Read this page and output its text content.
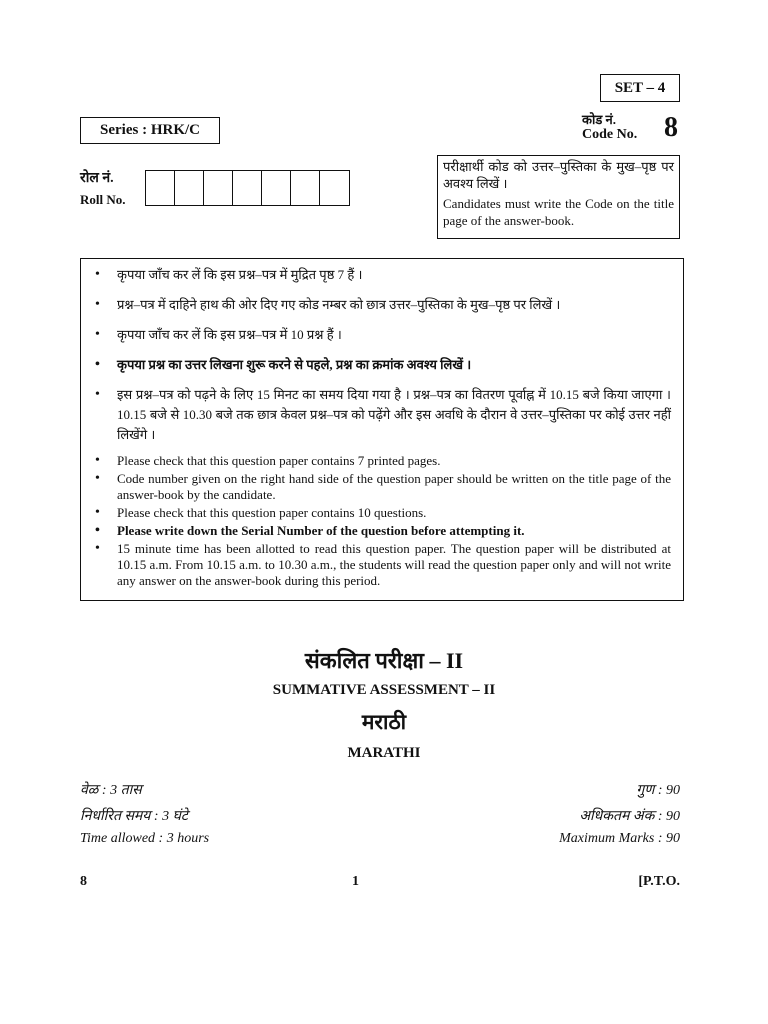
SET – 4
कोड नं.
Code No. 8
Series : HRK/C
रोल नं.
Roll No.

परीक्षार्थी कोड को उत्तर–पुस्तिका के मुख–पृष्ठ पर अवश्य लिखें ।

Candidates must write the Code on the title page of the answer-book.

• कृपया जाँच कर लें कि इस प्रश्न–पत्र में मुद्रित पृष्ठ 7 हैं ।
• प्रश्न–पत्र में दाहिने हाथ की ओर दिए गए कोड नम्बर को छात्र उत्तर–पुस्तिका के मुख–पृष्ठ पर लिखें ।
• कृपया जाँच कर लें कि इस प्रश्न–पत्र में 10 प्रश्न हैं ।
• कृपया प्रश्न का उत्तर लिखना शुरू करने से पहले, प्रश्न का क्रमांक अवश्य लिखें ।
• इस प्रश्न–पत्र को पढ़ने के लिए 15 मिनट का समय दिया गया है । प्रश्न–पत्र का वितरण पूर्वाह्न में 10.15 बजे किया जाएगा । 10.15 बजे से 10.30 बजे तक छात्र केवल प्रश्न–पत्र को पढ़ेंगे और इस अवधि के दौरान वे उत्तर–पुस्तिका पर कोई उत्तर नहीं लिखेंगे ।
• Please check that this question paper contains 7 printed pages.
• Code number given on the right hand side of the question paper should be written on the title page of the answer-book by the candidate.
• Please check that this question paper contains 10 questions.
• Please write down the Serial Number of the question before attempting it.
• 15 minute time has been allotted to read this question paper. The question paper will be distributed at 10.15 a.m. From 10.15 a.m. to 10.30 a.m., the students will read the question paper only and will not write any answer on the answer-book during this period.
संकलित परीक्षा – II
SUMMATIVE ASSESSMENT – II
मराठी
MARATHI
वेळ : 3 तास	गुण : 90
निर्धारित समय : 3 घंटे	अधिकतम अंक : 90
Time allowed : 3 hours	Maximum Marks : 90
8	1	[P.T.O.
